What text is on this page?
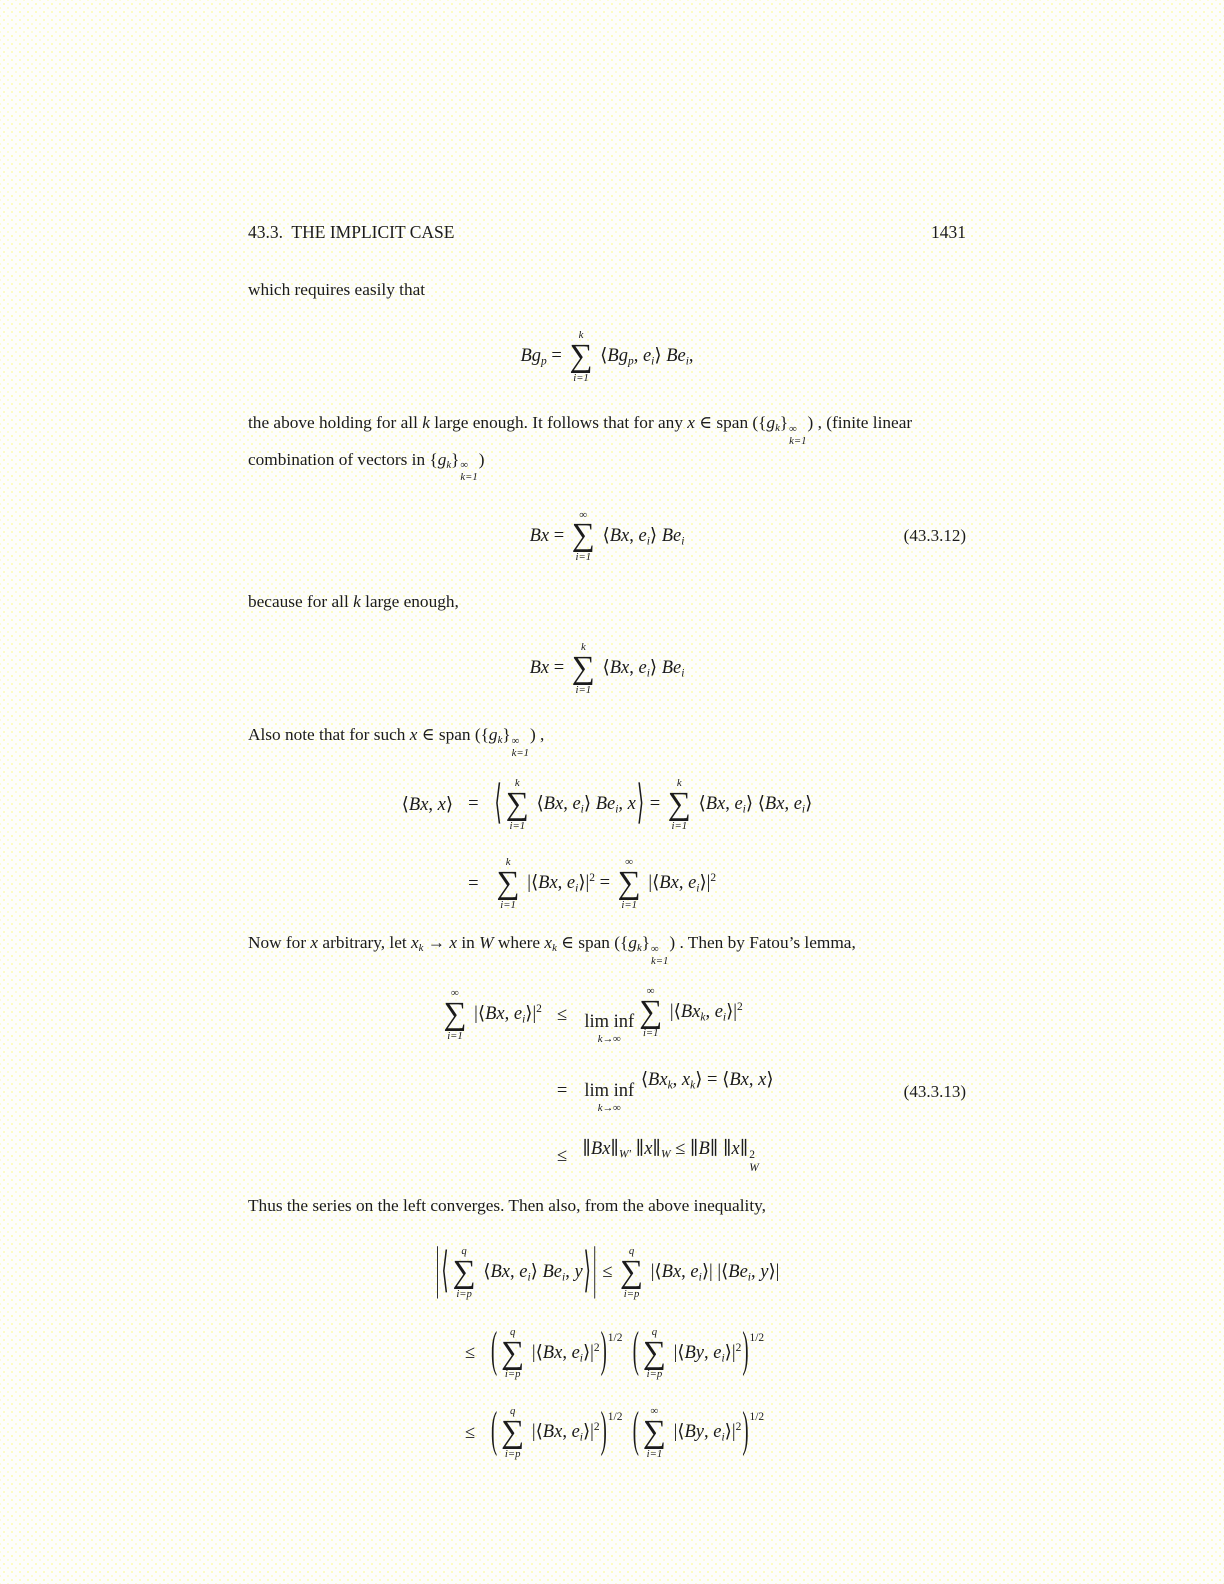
43.3.  THE IMPLICIT CASE	1431
which requires easily that
Bgp =
k
∑
i=1
⟨Bgp, ei⟩ Bei,
the above holding for all k large enough. It follows that for any x ∈ span ({gk} ∞
k=1
) , (finite linear combination of vectors in {gk} ∞
k=1
)
Bx =
∞
∑
i=1
⟨Bx, ei⟩ Bei	(43.3.12)
because for all k large enough,
Bx =
k
∑
i=1
⟨Bx, ei⟩ Bei
Also note that for such x ∈ span ({gk} ∞
k=1
) ,
⟨Bx, x⟩ = ⟨ k
∑
i=1
⟨Bx, ei⟩ Bei, x⟩ =
k
∑
i=1
⟨Bx, ei⟩ ⟨Bx, ei⟩
=
k
∑
i=1
|⟨Bx, $ei⟩|^2$ =
∞
∑
i=1
|⟨Bx, $ei⟩|^2$
Now for x arbitrary, let xk → x in W where xk ∈ span ({gk} ∞
k=1
) . Then by Fatou’s lemma,
∞
∑
i=1
|⟨Bx, $ei⟩|^2 \le \lim$ inf
k→∞
∞
∑
i=1
|⟨Bxk, $ei⟩|^2$
= lim inf
k→∞
⟨Bxk, xk⟩ = ⟨Bx, x⟩
(43.3.13)
≤ ∥Bx∥W′ ∥x∥W ≤ ∥B∥ ∥x∥ 2
W
Thus the series on the left converges. Then also, from the above inequality,
| ⟨ q
∑
i=p
⟨Bx, ei⟩ Bei, y⟩ | ≤
q
∑
i=p
|⟨Bx, ei⟩| |⟨Bei, y⟩|
≤ ( q
∑
i=p
|⟨Bx, $ei⟩|^2)^{1/2}$ ( q
∑
i=p
|⟨By, $ei⟩|^2)^{1/2}$
≤ ( q
∑
i=p
|⟨Bx, $ei⟩|^2)^{1/2}$ ( ∞
∑
i=1
|⟨By, $ei⟩|^2)^{1/2}$
